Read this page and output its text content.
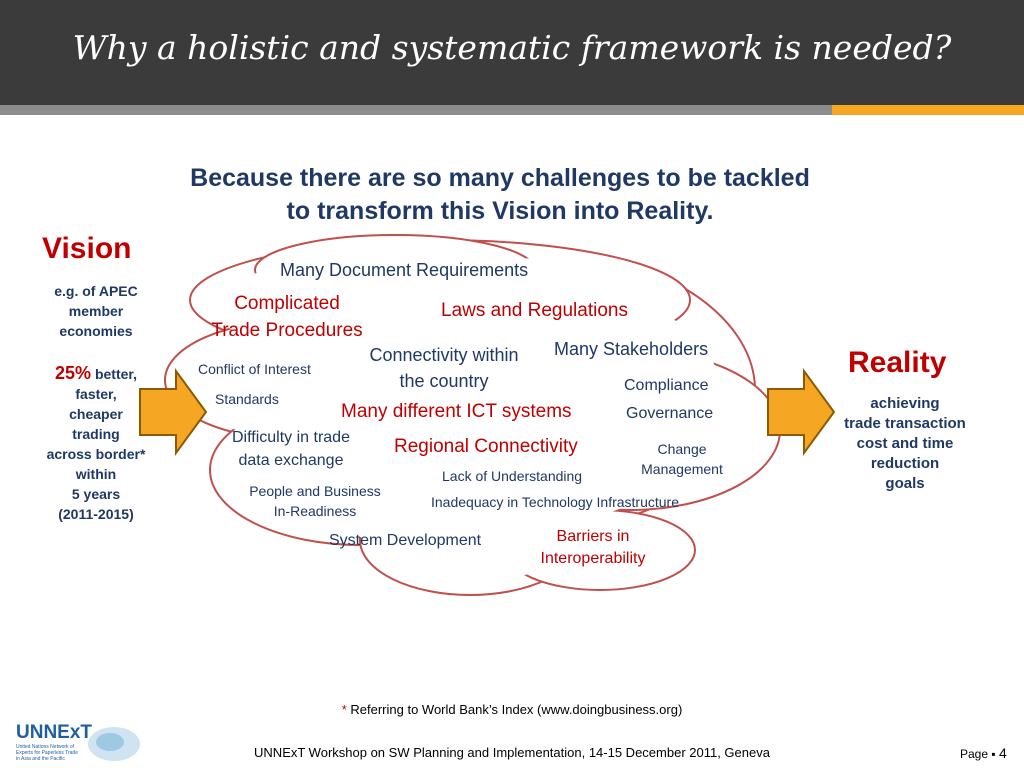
Why a holistic and systematic framework is needed?
Because there are so many challenges to be tackled
to transform this Vision into Reality.
Vision
e.g. of APEC
member
economies
25% better,
faster,
cheaper
trading
across border*
within
5 years
(2011-2015)
Reality
achieving
trade transaction
cost and time
reduction
goals
Many Document Requirements
Complicated
Trade Procedures
Laws and Regulations
Conflict of Interest
Connectivity within
the country
Many Stakeholders
Standards
Compliance
Many different ICT systems	Governance
Difficulty in trade
data exchange
Regional Connectivity	Change
Management
Lack of Understanding
People and Business
In-Readiness
Inadequacy in Technology Infrastructure
Barriers in
Interoperability
System Development
* Referring to World Bank’s Index (www.doingbusiness.org)
UNNExT
United Nations Network of Experts for Paperless Trade in Asia and the Pacific	UNNExT Workshop on SW Planning and Implementation, 14-15 December 2011, Geneva	Page ▪ 4
